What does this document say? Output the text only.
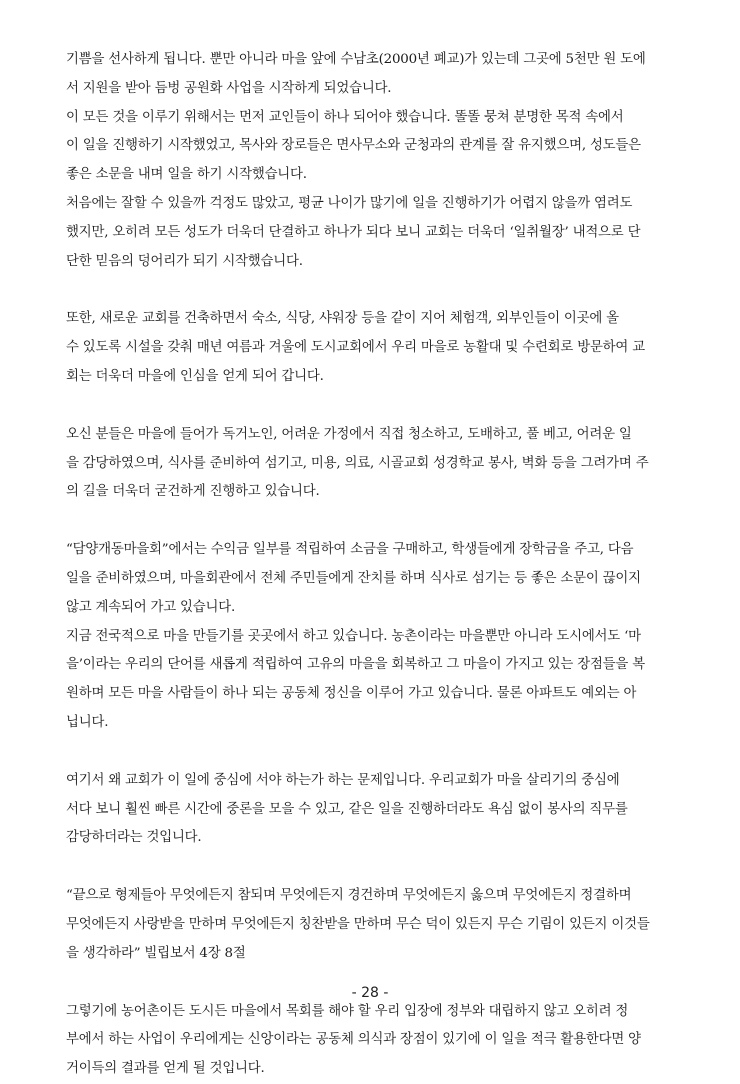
기쁨을 선사하게 됩니다. 뿐만 아니라 마을 앞에 수남초(2000년 폐교)가 있는데 그곳에 5천만 원 도에
서 지원을 받아 듬벙 공원화 사업을 시작하게 되었습니다.
이 모든 것을 이루기 위해서는 먼저 교인들이 하나 되어야 했습니다. 똘똘 뭉쳐 분명한 목적 속에서
이 일을 진행하기 시작했었고, 목사와 장로들은 면사무소와 군청과의 관계를 잘 유지했으며, 성도들은
좋은 소문을 내며 일을 하기 시작했습니다.
처음에는 잘할 수 있을까 걱정도 많았고, 평균 나이가 많기에 일을 진행하기가 어렵지 않을까 염려도
했지만, 오히려 모든 성도가 더욱더 단결하고 하나가 되다 보니 교회는 더욱더 ‘일취월장’ 내적으로 단
단한 믿음의 덩어리가 되기 시작했습니다.
또한, 새로운 교회를 건축하면서 숙소, 식당, 샤워장 등을 같이 지어 체험객, 외부인들이 이곳에 올
수 있도록 시설을 갖춰 매년 여름과 겨울에 도시교회에서 우리 마을로 농활대 및 수련회로 방문하여 교
회는 더욱더 마을에 인심을 얻게 되어 갑니다.
오신 분들은 마을에 들어가 독거노인, 어려운 가정에서 직접 청소하고, 도배하고, 풀 베고, 어려운 일
을 감당하였으며, 식사를 준비하여 섬기고, 미용, 의료, 시골교회 성경학교 봉사, 벽화 등을 그려가며 주
의 길을 더욱더 굳건하게 진행하고 있습니다.
“담양개동마을회”에서는 수익금 일부를 적립하여 소금을 구매하고, 학생들에게 장학금을 주고, 다음
일을 준비하였으며, 마을회관에서 전체 주민들에게 잔치를 하며 식사로 섬기는 등 좋은 소문이 끊이지
않고 계속되어 가고 있습니다.
지금 전국적으로 마을 만들기를 곳곳에서 하고 있습니다. 농촌이라는 마을뿐만 아니라 도시에서도 ‘마
을’이라는 우리의 단어를 새롭게 적립하여 고유의 마을을 회복하고 그 마을이 가지고 있는 장점들을 복
원하며 모든 마을 사람들이 하나 되는 공동체 정신을 이루어 가고 있습니다. 물론 아파트도 예외는 아
닙니다.
여기서 왜 교회가 이 일에 중심에 서야 하는가 하는 문제입니다. 우리교회가 마을 살리기의 중심에
서다 보니 훨씬 빠른 시간에 중론을 모을 수 있고, 같은 일을 진행하더라도 욕심 없이 봉사의 직무를
감당하더라는 것입니다.
“끝으로 형제들아 무엇에든지 참되며 무엇에든지 경건하며 무엇에든지 옳으며 무엇에든지 정결하며
무엇에든지 사랑받을 만하며 무엇에든지 칭찬받을 만하며 무슨 덕이 있든지 무슨 기림이 있든지 이것들
을 생각하라” 빌립보서 4장 8절
그렇기에 농어촌이든 도시든 마을에서 목회를 해야 할 우리 입장에 정부와 대립하지 않고 오히려 정
부에서 하는 사업이 우리에게는 신앙이라는 공동체 의식과 장점이 있기에 이 일을 적극 활용한다면 양
거이득의 결과를 얻게 될 것입니다.
- 28 -
